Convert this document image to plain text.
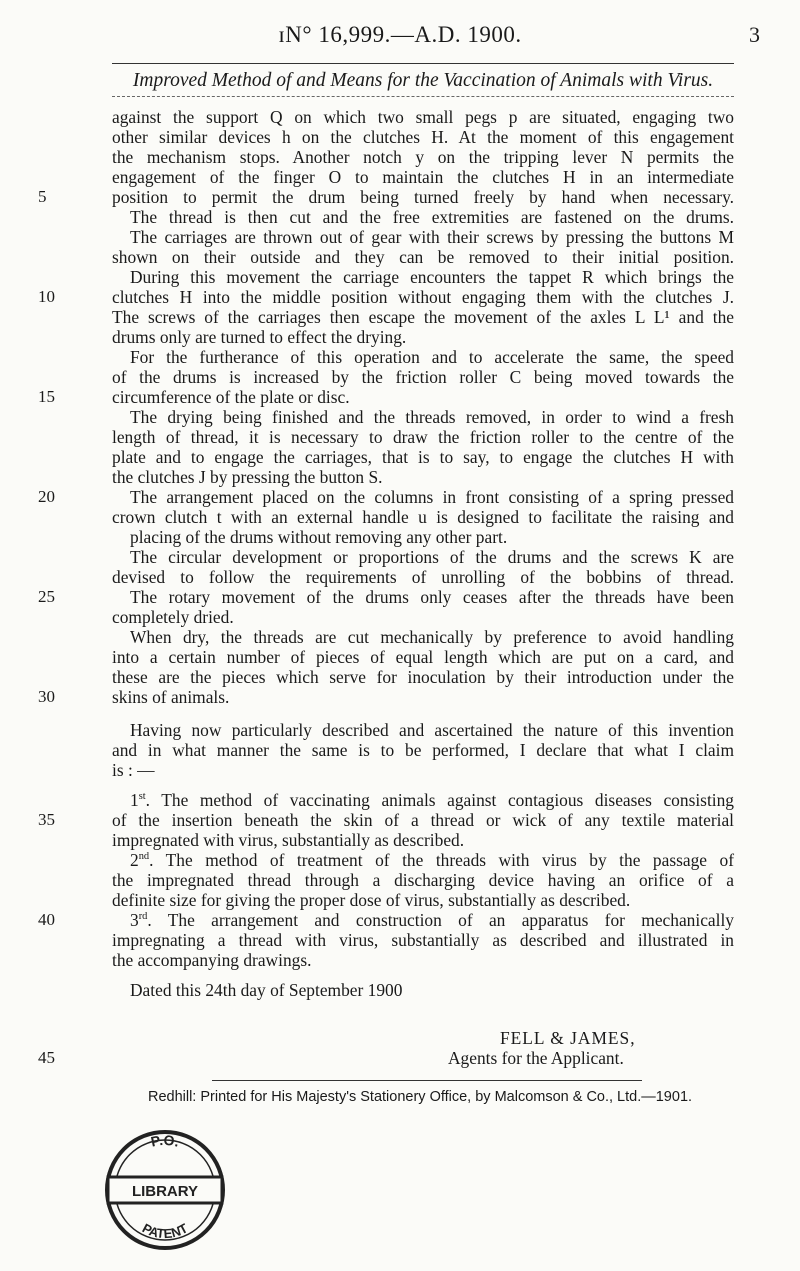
ɪN° 16,999.—A.D. 1900.	3
Improved Method of and Means for the Vaccination of Animals with Virus.
against the support Q on which two small pegs p are situated, engaging two
other similar devices h on the clutches H. At the moment of this engagement
the mechanism stops. Another notch y on the tripping lever N permits the
engagement of the finger O to maintain the clutches H in an intermediate
position to permit the drum being turned freely by hand when necessary.
The thread is then cut and the free extremities are fastened on the drums.
The carriages are thrown out of gear with their screws by pressing the buttons M
shown on their outside and they can be removed to their initial position.
During this movement the carriage encounters the tappet R which brings the
clutches H into the middle position without engaging them with the clutches J.
The screws of the carriages then escape the movement of the axles L L¹ and the
drums only are turned to effect the drying.
For the furtherance of this operation and to accelerate the same, the speed
of the drums is increased by the friction roller C being moved towards the
circumference of the plate or disc.
The drying being finished and the threads removed, in order to wind a fresh
length of thread, it is necessary to draw the friction roller to the centre of the
plate and to engage the carriages, that is to say, to engage the clutches H with
the clutches J by pressing the button S.
The arrangement placed on the columns in front consisting of a spring pressed
crown clutch t with an external handle u is designed to facilitate the raising and
placing of the drums without removing any other part.
The circular development or proportions of the drums and the screws K are
devised to follow the requirements of unrolling of the bobbins of thread.
The rotary movement of the drums only ceases after the threads have been
completely dried.
When dry, the threads are cut mechanically by preference to avoid handling
into a certain number of pieces of equal length which are put on a card, and
these are the pieces which serve for inoculation by their introduction under the
skins of animals.
Having now particularly described and ascertained the nature of this invention
and in what manner the same is to be performed, I declare that what I claim
is : —
1st. The method of vaccinating animals against contagious diseases consisting
of the insertion beneath the skin of a thread or wick of any textile material
impregnated with virus, substantially as described.
2nd. The method of treatment of the threads with virus by the passage of
the impregnated thread through a discharging device having an orifice of a
definite size for giving the proper dose of virus, substantially as described.
3rd. The arrangement and construction of an apparatus for mechanically
impregnating a thread with virus, substantially as described and illustrated in
the accompanying drawings.
Dated this 24th day of September 1900
5
10
15
20
25
30
35
40
45
FELL & JAMES,
Agents for the Applicant.
Redhill: Printed for His Majesty's Stationery Office, by Malcomson & Co., Ltd.—1901.
LIBRARY
P.O.
PATENT
